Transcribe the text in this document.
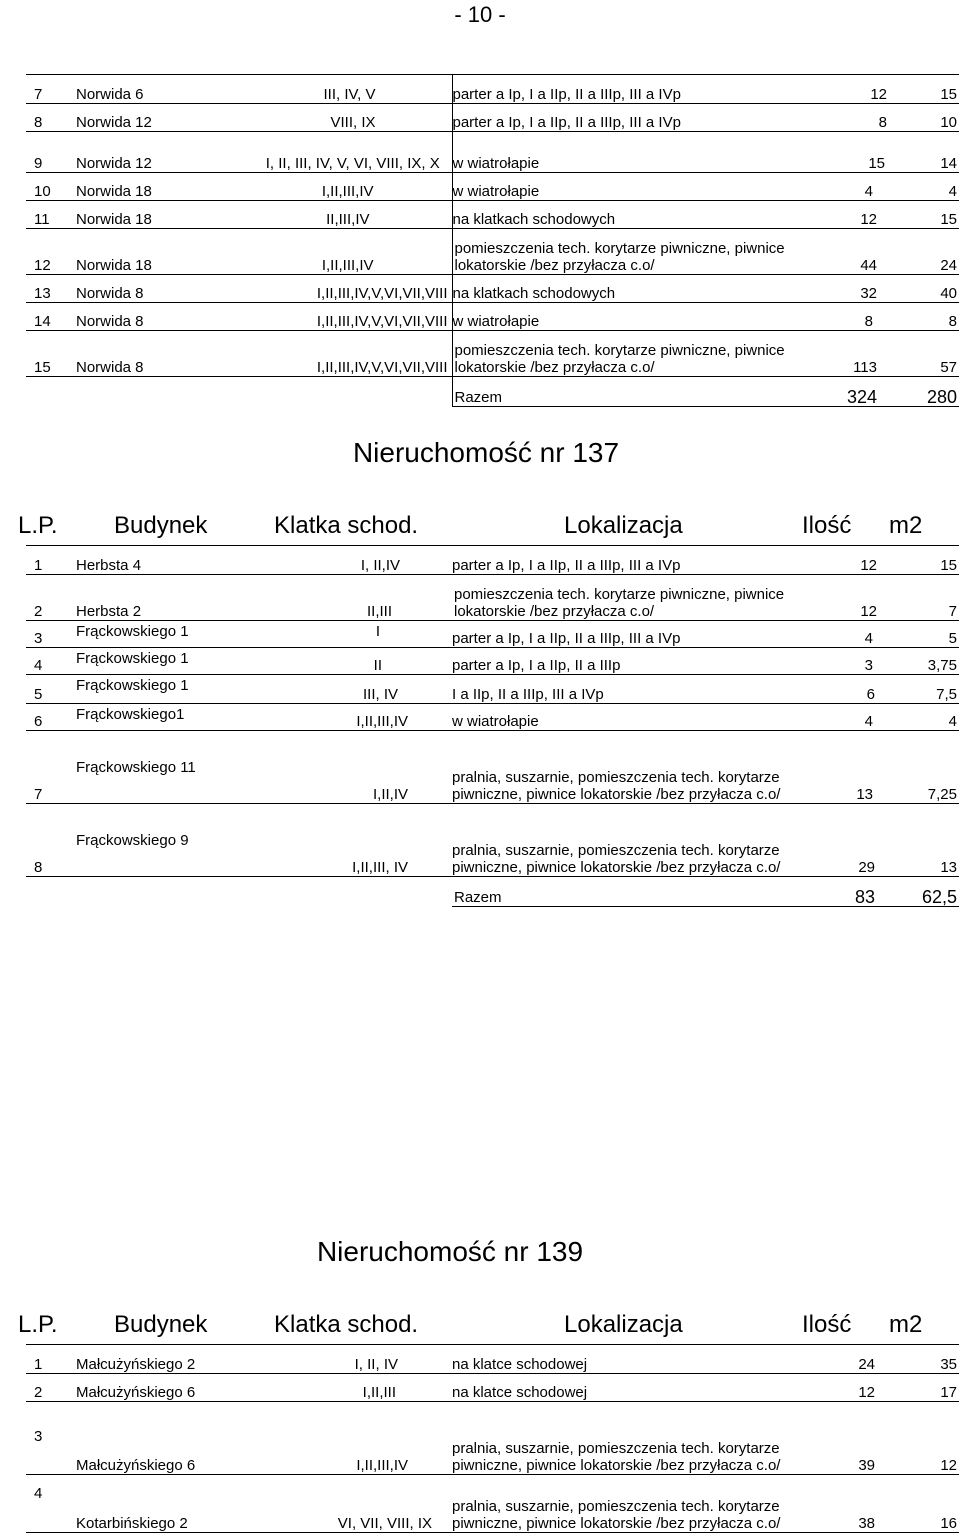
- 10 -
7	Norwida 6	III, IV, V	parter a Ip, I a IIp, II a IIIp, III a IVp	12	15
8	Norwida 12	VIII, IX	parter a Ip, I a IIp, II a IIIp, III a IVp	8	10
9	Norwida 12	I, II, III, IV, V, VI, VIII, IX, X	w wiatrołapie	15	14
10	Norwida 18	I,II,III,IV	w wiatrołapie	4	4
11	Norwida 18	II,III,IV	na klatkach schodowych	12	15
12	Norwida 18	I,II,III,IV	pomieszczenia tech. korytarze piwniczne, piwnice lokatorskie /bez przyłacza c.o/	44	24
13	Norwida 8	I,II,III,IV,V,VI,VII,VIII	na klatkach schodowych	32	40
14	Norwida 8	I,II,III,IV,V,VI,VII,VIII	w wiatrołapie	8	8
15	Norwida 8	I,II,III,IV,V,VI,VII,VIII	pomieszczenia tech. korytarze piwniczne, piwnice lokatorskie /bez przyłacza c.o/	113	57
			Razem	324	280
Nieruchomość nr 137
L.P. Budynek	Klatka schod.	Lokalizacja	Ilość m2
1	Herbsta 4	I, II,IV	parter a Ip, I a IIp, II a IIIp, III a IVp	12	15
2	Herbsta 2	II,III	pomieszczenia tech. korytarze piwniczne, piwnice lokatorskie /bez przyłacza c.o/	12	7
3	Frąckowskiego 1	I	parter a Ip, I a IIp, II a IIIp, III a IVp	4	5
4	Frąckowskiego 1	II	parter a Ip, I a IIp, II a IIIp	3	3,75
5	Frąckowskiego 1	III, IV	I a IIp, II a IIIp, III a IVp	6	7,5
6	Frąckowskiego1	I,II,III,IV	w wiatrołapie	4	4
7	Frąckowskiego 11	I,II,IV	pralnia, suszarnie, pomieszczenia tech. korytarze piwniczne, piwnice lokatorskie /bez przyłacza c.o/	13	7,25
8	Frąckowskiego 9	I,II,III, IV	pralnia, suszarnie, pomieszczenia tech. korytarze piwniczne, piwnice lokatorskie /bez przyłacza c.o/	29	13
			Razem	83	62,5
Nieruchomość nr 139
L.P. Budynek	Klatka schod.	Lokalizacja	Ilość m2
1	Małcużyńskiego 2	I, II, IV	na klatce schodowej	24	35
2	Małcużyńskiego 6	I,II,III	na klatce schodowej	12	17
3	Małcużyńskiego 6	I,II,III,IV	pralnia, suszarnie, pomieszczenia tech. korytarze piwniczne, piwnice lokatorskie /bez przyłacza c.o/	39	12
4	Kotarbińskiego 2	VI, VII, VIII, IX	pralnia, suszarnie, pomieszczenia tech. korytarze piwniczne, piwnice lokatorskie /bez przyłacza c.o/	38	16
